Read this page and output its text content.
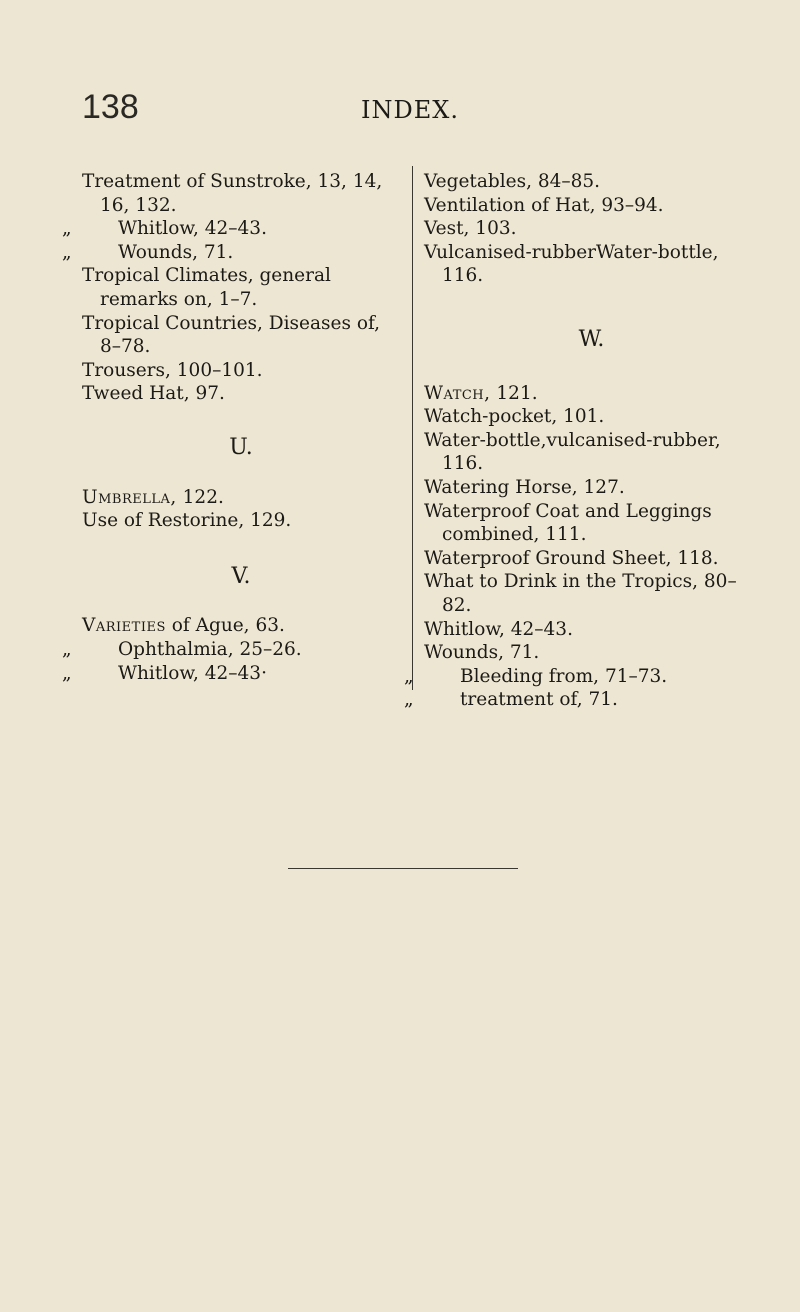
138	INDEX.
Treatment of Sunstroke, 13, 14, 16, 132.
„	Whitlow, 42–43.
„	Wounds, 71.
Tropical Climates, general remarks on, 1–7.
Tropical Countries, Diseases of, 8–78.
Trousers, 100–101.
Tweed Hat, 97.
U.
Umbrella, 122.
Use of Restorine, 129.
V.
Varieties of Ague, 63.
„	Ophthalmia, 25–26.
„	Whitlow, 42–43·
Vegetables, 84–85.
Ventilation of Hat, 93–94.
Vest, 103.
Vulcanised-rubberWater-bottle, 116.
W.
Watch, 121.
Watch-pocket, 101.
Water-bottle,vulcanised-rubber, 116.
Watering Horse, 127.
Waterproof Coat and Leggings combined, 111.
Waterproof Ground Sheet, 118.
What to Drink in the Tropics, 80–82.
Whitlow, 42–43.
Wounds, 71.
„	Bleeding from, 71–73.
„	treatment of, 71.
